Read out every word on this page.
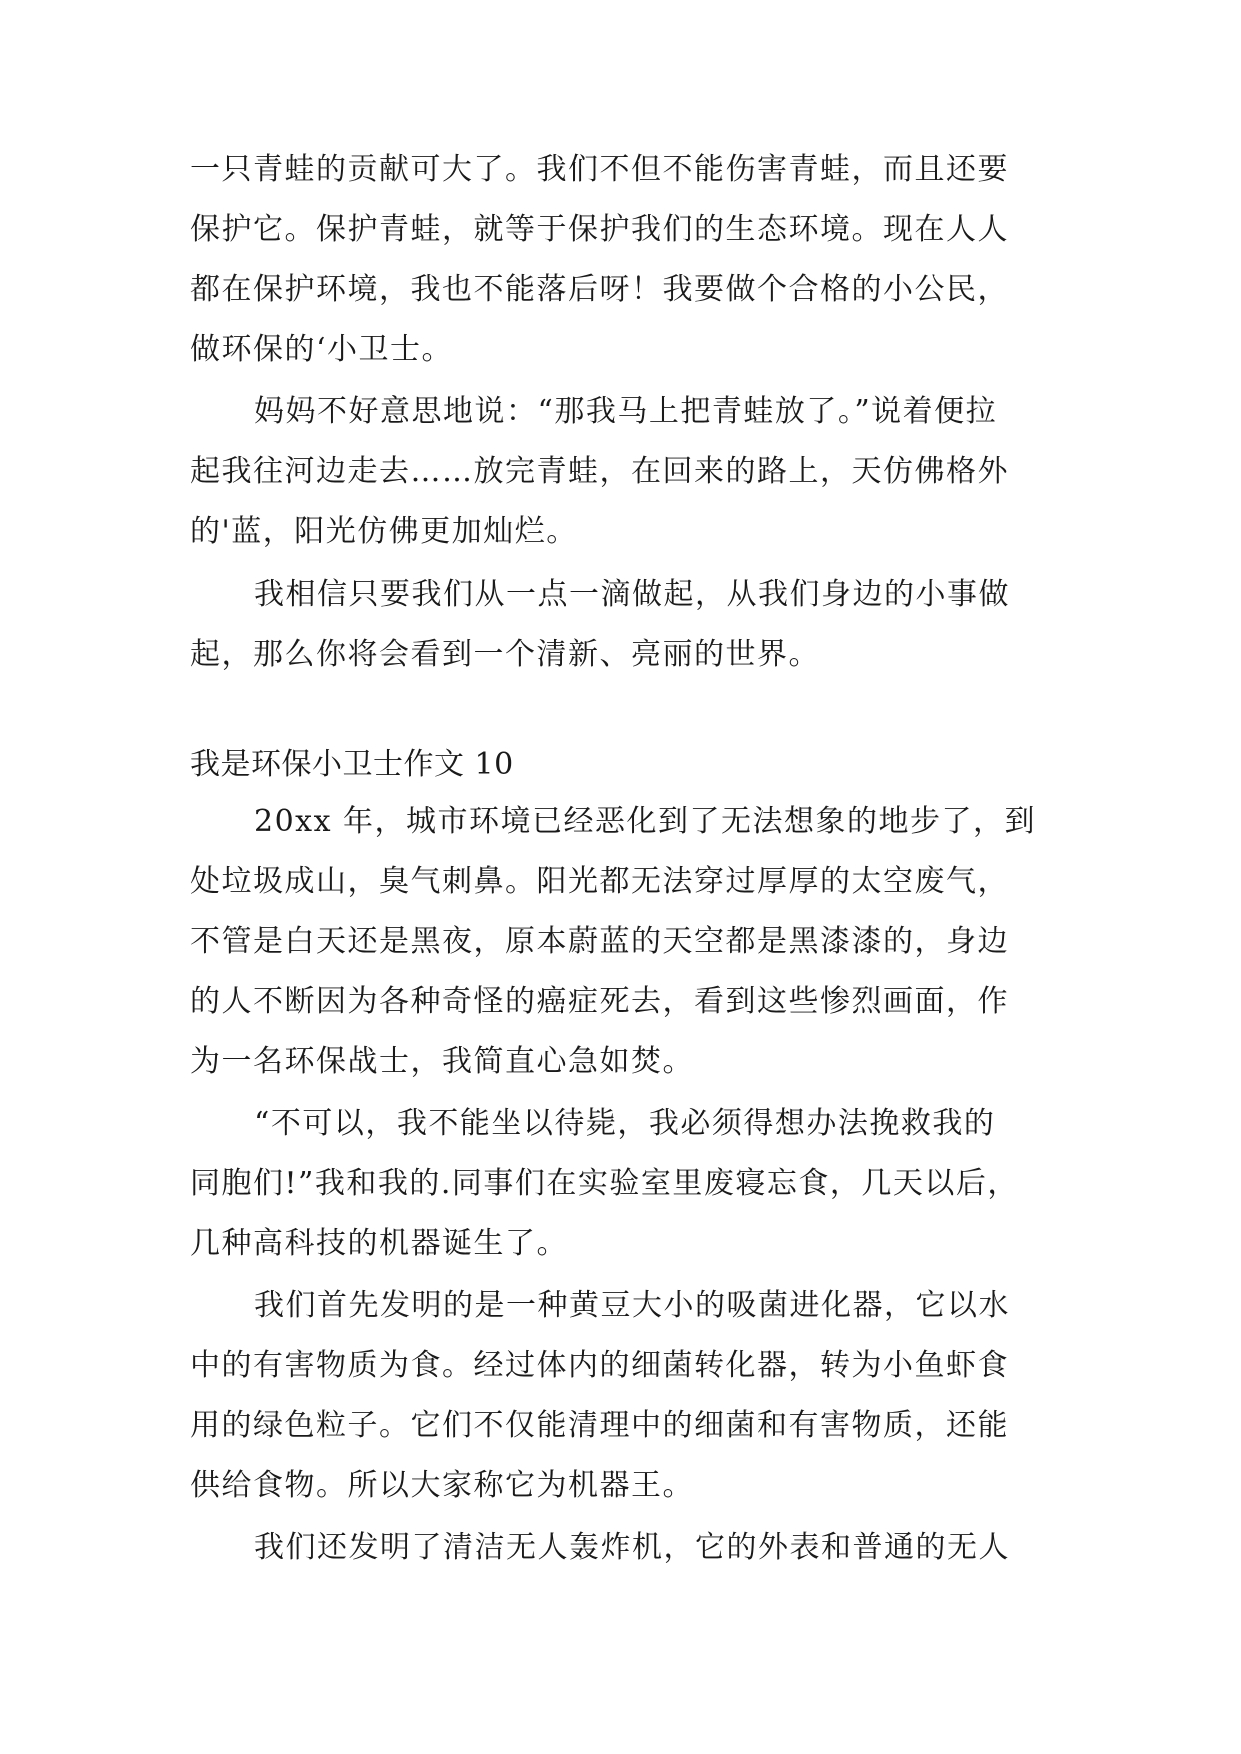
一只青蛙的贡献可大了。我们不但不能伤害青蛙，而且还要
保护它。保护青蛙，就等于保护我们的生态环境。现在人人
都在保护环境，我也不能落后呀！我要做个合格的小公民，
做环保的‘小卫士。
妈妈不好意思地说：“那我马上把青蛙放了。”说着便拉
起我往河边走去……放完青蛙，在回来的路上，天仿佛格外
的'蓝，阳光仿佛更加灿烂。
我相信只要我们从一点一滴做起，从我们身边的小事做
起，那么你将会看到一个清新、亮丽的世界。
我是环保小卫士作文 10
20xx 年，城市环境已经恶化到了无法想象的地步了，到
处垃圾成山，臭气刺鼻。阳光都无法穿过厚厚的太空废气，
不管是白天还是黑夜，原本蔚蓝的天空都是黑漆漆的，身边
的人不断因为各种奇怪的癌症死去，看到这些惨烈画面，作
为一名环保战士，我简直心急如焚。
“不可以，我不能坐以待毙，我必须得想办法挽救我的
同胞们!”我和我的.同事们在实验室里废寝忘食，几天以后，
几种高科技的机器诞生了。
我们首先发明的是一种黄豆大小的吸菌进化器，它以水
中的有害物质为食。经过体内的细菌转化器，转为小鱼虾食
用的绿色粒子。它们不仅能清理中的细菌和有害物质，还能
供给食物。所以大家称它为机器王。
我们还发明了清洁无人轰炸机，它的外表和普通的无人
